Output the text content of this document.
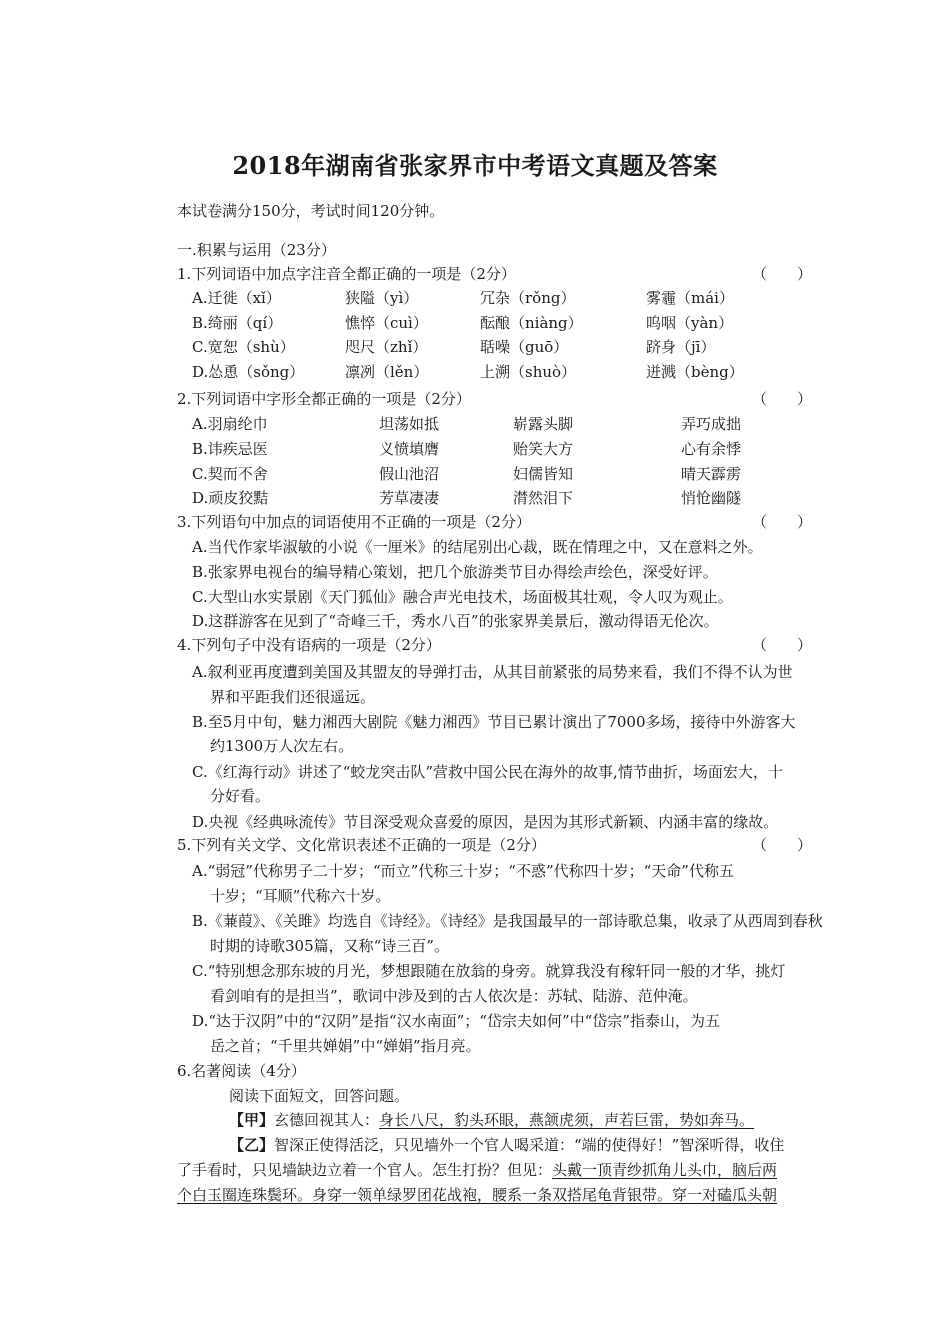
2018年湖南省张家界市中考语文真题及答案
本试卷满分150分，考试时间120分钟。
一.积累与运用（23分）
1.下列词语中加点字注音全都正确的一项是（2分）	（　　）
A.迁徙（xǐ）	狭隘（yì）	冗杂（rǒng）	雾霾（mái）
B.绮丽（qí）	憔悴（cuì）	酝酿（niàng）	呜咽（yàn）
C.宽恕（shù）	咫尺（zhǐ）	聒噪（guō）	跻身（jī）
D.怂恿（sǒng）	凛冽（lěn）	上溯（shuò）	迸溅（bèng）
2.下列词语中字形全都正确的一项是（2分）	（　　）
A.羽扇纶巾	坦荡如抵	崭露头脚	弄巧成拙
B.讳疾忌医	义愤填膺	贻笑大方	心有余悸
C.契而不舍	假山池沼	妇儒皆知	晴天霹雳
D.顽皮狡黠	芳草凄凄	潸然泪下	悄怆幽隧
3.下列语句中加点的词语使用不正确的一项是（2分）	（　　）
A.当代作家毕淑敏的小说《一厘米》的结尾别出心裁，既在情理之中，又在意料之外。
B.张家界电视台的编导精心策划，把几个旅游类节目办得绘声绘色，深受好评。
C.大型山水实景剧《天门狐仙》融合声光电技术，场面极其壮观，令人叹为观止。
D.这群游客在见到了“奇峰三千，秀水八百”的张家界美景后，激动得语无伦次。
4.下列句子中没有语病的一项是（2分）	（　　）
A.叙利亚再度遭到美国及其盟友的导弹打击，从其目前紧张的局势来看，我们不得不认为世
界和平距我们还很遥远。
B.至5月中旬，魅力湘西大剧院《魅力湘西》节目已累计演出了7000多场，接待中外游客大
约1300万人次左右。
C.《红海行动》讲述了“蛟龙突击队”营救中国公民在海外的故事,情节曲折，场面宏大，十
分好看。
D.央视《经典咏流传》节目深受观众喜爱的原因，是因为其形式新颖、内涵丰富的缘故。
5.下列有关文学、文化常识表述不正确的一项是（2分）	（　　）
A.“弱冠”代称男子二十岁；“而立”代称三十岁；“不惑”代称四十岁；“天命”代称五
十岁；“耳顺”代称六十岁。
B.《蒹葭》、《关雎》均选自《诗经》。《诗经》是我国最早的一部诗歌总集，收录了从西周到春秋
时期的诗歌305篇，又称“诗三百”。
C.“特别想念那东坡的月光，梦想跟随在放翁的身旁。就算我没有稼轩同一般的才华，挑灯
看剑咱有的是担当”，歌词中涉及到的古人依次是：苏轼、陆游、范仲淹。
D.“达于汉阴”中的“汉阴”是指“汉水南面”；“岱宗夫如何”中“岱宗”指泰山，为五
岳之首；“千里共婵娟”中“婵娟”指月亮。
6.名著阅读（4分）
阅读下面短文，回答问题。
【甲】玄德回视其人：身长八尺，豹头环眼，燕颔虎须，声若巨雷，势如奔马。
【乙】智深正使得活泛，只见墙外一个官人喝采道：“端的使得好！”智深听得，收住
了手看时，只见墙缺边立着一个官人。怎生打扮？但见：头戴一顶青纱抓角儿头巾，脑后两
个白玉圈连珠鬓环。身穿一领单绿罗团花战袍，腰系一条双搭尾龟背银带。穿一对磕瓜头朝
